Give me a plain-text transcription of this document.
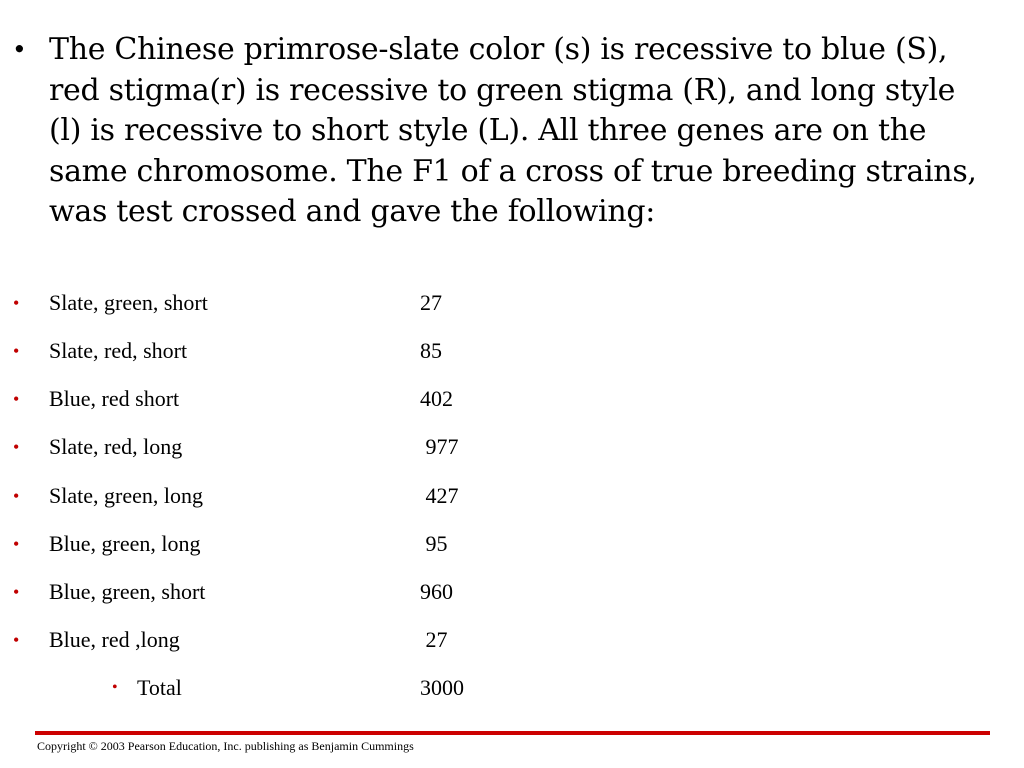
• The Chinese primrose-slate color (s) is recessive to blue (S), red stigma(r) is recessive to green stigma (R), and long style (l) is recessive to short style (L). All three genes are on the same chromosome. The F1 of a cross of true breeding strains, was test crossed and gave the following:
• Slate, green, short	27
• Slate, red, short	85
• Blue, red short	402
• Slate, red, long	977
• Slate, green, long	427
• Blue, green, long	95
• Blue, green, short	960
• Blue, red ,long	27
• Total	3000
Copyright © 2003 Pearson Education, Inc. publishing as Benjamin Cummings
